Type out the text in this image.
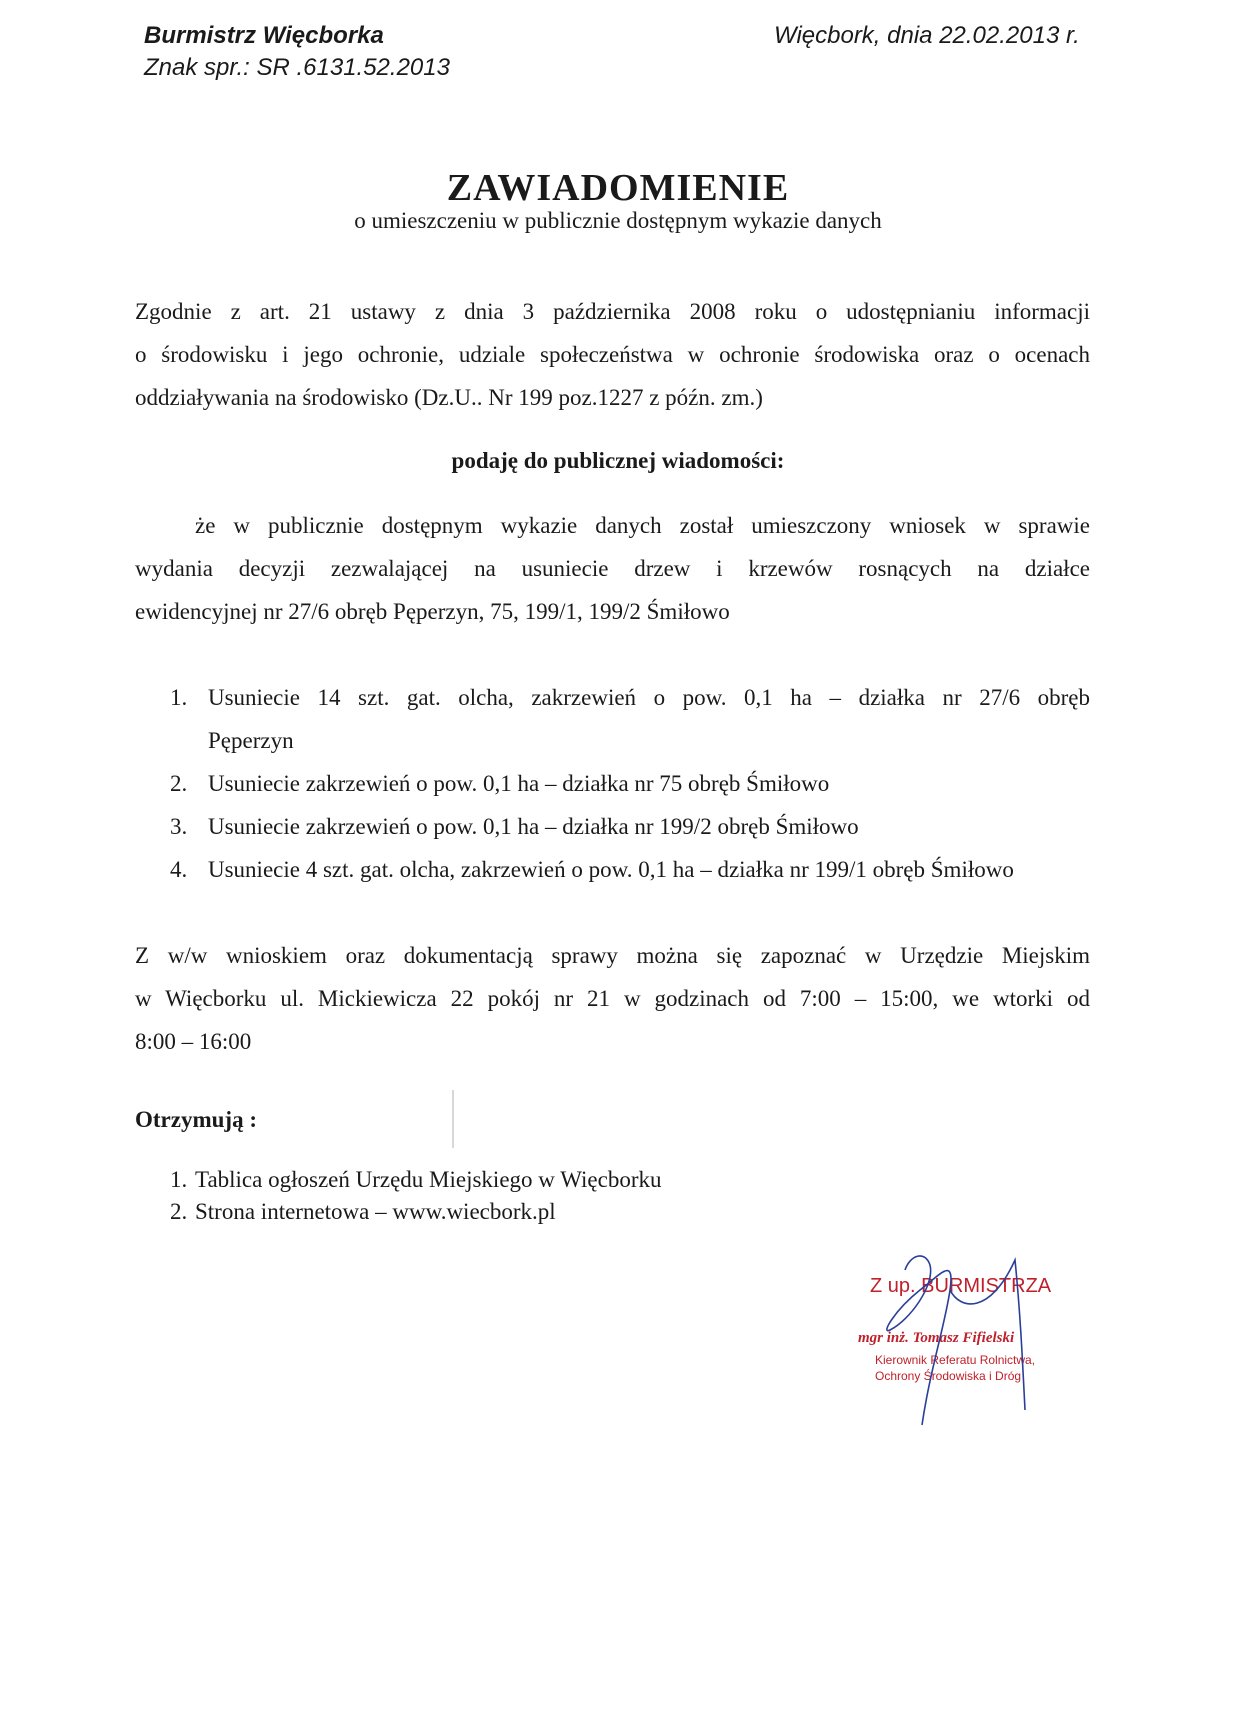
Burmistrz Więcborka
Znak spr.: SR .6131.52.2013
Więcbork, dnia 22.02.2013 r.
ZAWIADOMIENIE
o umieszczeniu w publicznie dostępnym wykazie danych

Zgodnie z art. 21 ustawy z dnia 3 października 2008 roku o udostępnianiu informacji

o środowisku i jego ochronie, udziale społeczeństwa w ochronie środowiska oraz o ocenach

oddziaływania na środowisko (Dz.U.. Nr 199 poz.1227 z późn. zm.)

podaję do publicznej wiadomości:

że w publicznie dostępnym wykazie danych został umieszczony wniosek w sprawie

wydania decyzji zezwalającej na usuniecie drzew i krzewów rosnących na działce

ewidencyjnej nr 27/6 obręb Pęperzyn, 75, 199/1, 199/2 Śmiłowo

1. Usuniecie 14 szt. gat. olcha, zakrzewień o pow. 0,1 ha – działka nr 27/6 obręb
Pęperzyn
2. Usuniecie zakrzewień o pow. 0,1 ha – działka nr 75 obręb Śmiłowo
3. Usuniecie zakrzewień o pow. 0,1 ha – działka nr 199/2 obręb Śmiłowo
4. Usuniecie 4 szt. gat. olcha, zakrzewień o pow. 0,1 ha – działka nr 199/1 obręb Śmiłowo

Z w/w wnioskiem oraz dokumentacją sprawy można się zapoznać w Urzędzie Miejskim

w Więcborku ul. Mickiewicza 22 pokój nr 21 w godzinach od 7:00 – 15:00, we wtorki od

8:00 – 16:00

Otrzymują :
1. Tablica ogłoszeń Urzędu Miejskiego w Więcborku
2. Strona internetowa – www.wiecbork.pl
Z up. BURMISTRZA
mgr inż. Tomasz Fifielski
Kierownik Referatu Rolnictwa,
Ochrony Środowiska i Dróg
